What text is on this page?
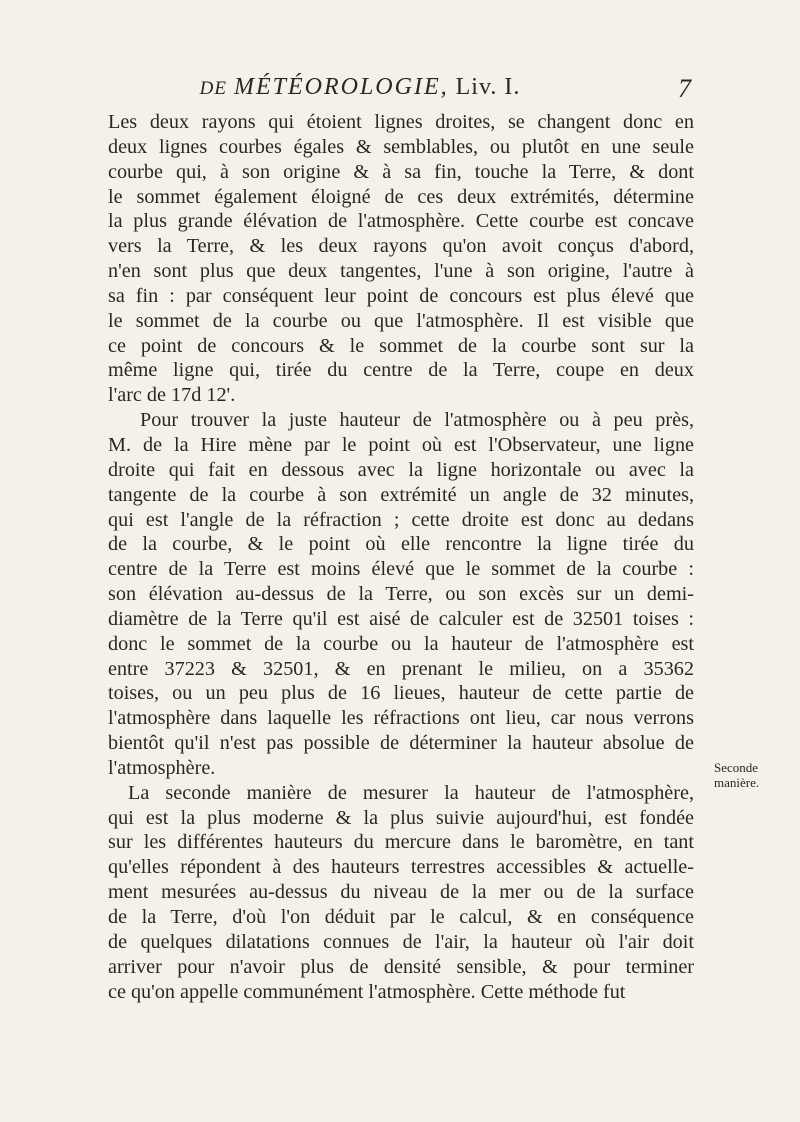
DE MÉTÉOROLOGIE, Liv. I.	7
Les deux rayons qui étoient lignes droites, se changent donc en
deux lignes courbes égales & semblables, ou plutôt en une seule
courbe qui, à son origine & à sa fin, touche la Terre, & dont
le sommet également éloigné de ces deux extrémités, détermine
la plus grande élévation de l'atmosphère. Cette courbe est concave
vers la Terre, & les deux rayons qu'on avoit conçus d'abord,
n'en sont plus que deux tangentes, l'une à son origine, l'autre à
sa fin : par conséquent leur point de concours est plus élevé que
le sommet de la courbe ou que l'atmosphère. Il est visible que
ce point de concours & le sommet de la courbe sont sur la
même ligne qui, tirée du centre de la Terre, coupe en deux
l'arc de 17d 12'.
Pour trouver la juste hauteur de l'atmosphère ou à peu près,
M. de la Hire mène par le point où est l'Observateur, une ligne
droite qui fait en dessous avec la ligne horizontale ou avec la
tangente de la courbe à son extrémité un angle de 32 minutes,
qui est l'angle de la réfraction ; cette droite est donc au dedans
de la courbe, & le point où elle rencontre la ligne tirée du
centre de la Terre est moins élevé que le sommet de la courbe :
son élévation au-dessus de la Terre, ou son excès sur un demi-
diamètre de la Terre qu'il est aisé de calculer est de 32501 toises :
donc le sommet de la courbe ou la hauteur de l'atmosphère est
entre 37223 & 32501, & en prenant le milieu, on a 35362
toises, ou un peu plus de 16 lieues, hauteur de cette partie de
l'atmosphère dans laquelle les réfractions ont lieu, car nous verrons
bientôt qu'il n'est pas possible de déterminer la hauteur absolue de
l'atmosphère.
La seconde manière de mesurer la hauteur de l'atmosphère,
qui est la plus moderne & la plus suivie aujourd'hui, est fondée
sur les différentes hauteurs du mercure dans le baromètre, en tant
qu'elles répondent à des hauteurs terrestres accessibles & actuelle-
ment mesurées au-dessus du niveau de la mer ou de la surface
de la Terre, d'où l'on déduit par le calcul, & en conséquence
de quelques dilatations connues de l'air, la hauteur où l'air doit
arriver pour n'avoir plus de densité sensible, & pour terminer
ce qu'on appelle communément l'atmosphère. Cette méthode fut
Seconde manière.
